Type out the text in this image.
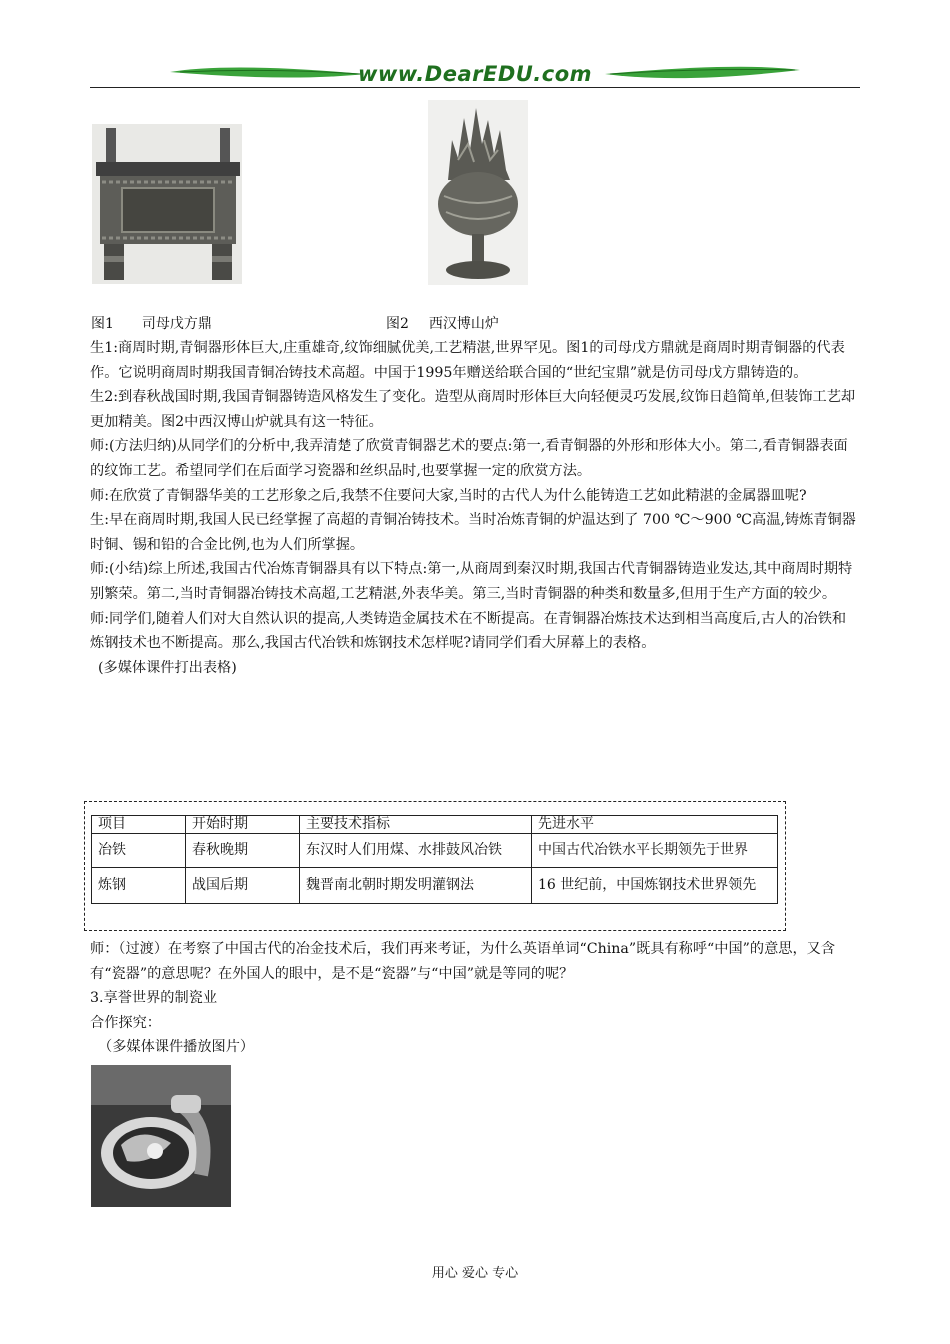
www.DearEDU.com
图1 司母戊方鼎	图2 西汉博山炉

生1:商周时期,青铜器形体巨大,庄重雄奇,纹饰细腻优美,工艺精湛,世界罕见。图1的司母戊方鼎就是商周时期青铜器的代表作。它说明商周时期我国青铜冶铸技术高超。中国于1995年赠送给联合国的“世纪宝鼎”就是仿司母戊方鼎铸造的。

生2:到春秋战国时期,我国青铜器铸造风格发生了变化。造型从商周时形体巨大向轻便灵巧发展,纹饰日趋简单,但装饰工艺却更加精美。图2中西汉博山炉就具有这一特征。

师:(方法归纳)从同学们的分析中,我弄清楚了欣赏青铜器艺术的要点:第一,看青铜器的外形和形体大小。第二,看青铜器表面的纹饰工艺。希望同学们在后面学习瓷器和丝织品时,也要掌握一定的欣赏方法。

师:在欣赏了青铜器华美的工艺形象之后,我禁不住要问大家,当时的古代人为什么能铸造工艺如此精湛的金属器皿呢?

生:早在商周时期,我国人民已经掌握了高超的青铜冶铸技术。当时冶炼青铜的炉温达到了 700 ℃～900 ℃高温,铸炼青铜器时铜、锡和铅的合金比例,也为人们所掌握。

师:(小结)综上所述,我国古代冶炼青铜器具有以下特点:第一,从商周到秦汉时期,我国古代青铜器铸造业发达,其中商周时期特别繁荣。第二,当时青铜器冶铸技术高超,工艺精湛,外表华美。第三,当时青铜器的种类和数量多,但用于生产方面的较少。

师:同学们,随着人们对大自然认识的提高,人类铸造金属技术在不断提高。在青铜器冶炼技术达到相当高度后,古人的冶铁和炼钢技术也不断提高。那么,我国古代冶铁和炼钢技术怎样呢?请同学们看大屏幕上的表格。

(多媒体课件打出表格)

项目	开始时期	主要技术指标	先进水平
冶铁	春秋晚期	东汉时人们用煤、水排鼓风冶铁	中国古代冶铁水平长期领先于世界
炼钢	战国后期	魏晋南北朝时期发明灌钢法	16 世纪前，中国炼钢技术世界领先

师：（过渡）在考察了中国古代的冶金技术后，我们再来考证，为什么英语单词“China”既具有称呼“中国”的意思，又含有“瓷器”的意思呢？在外国人的眼中，是不是“瓷器”与“中国”就是等同的呢？

3.享誉世界的制瓷业

合作探究：

（多媒体课件播放图片）

用心 爱心 专心
